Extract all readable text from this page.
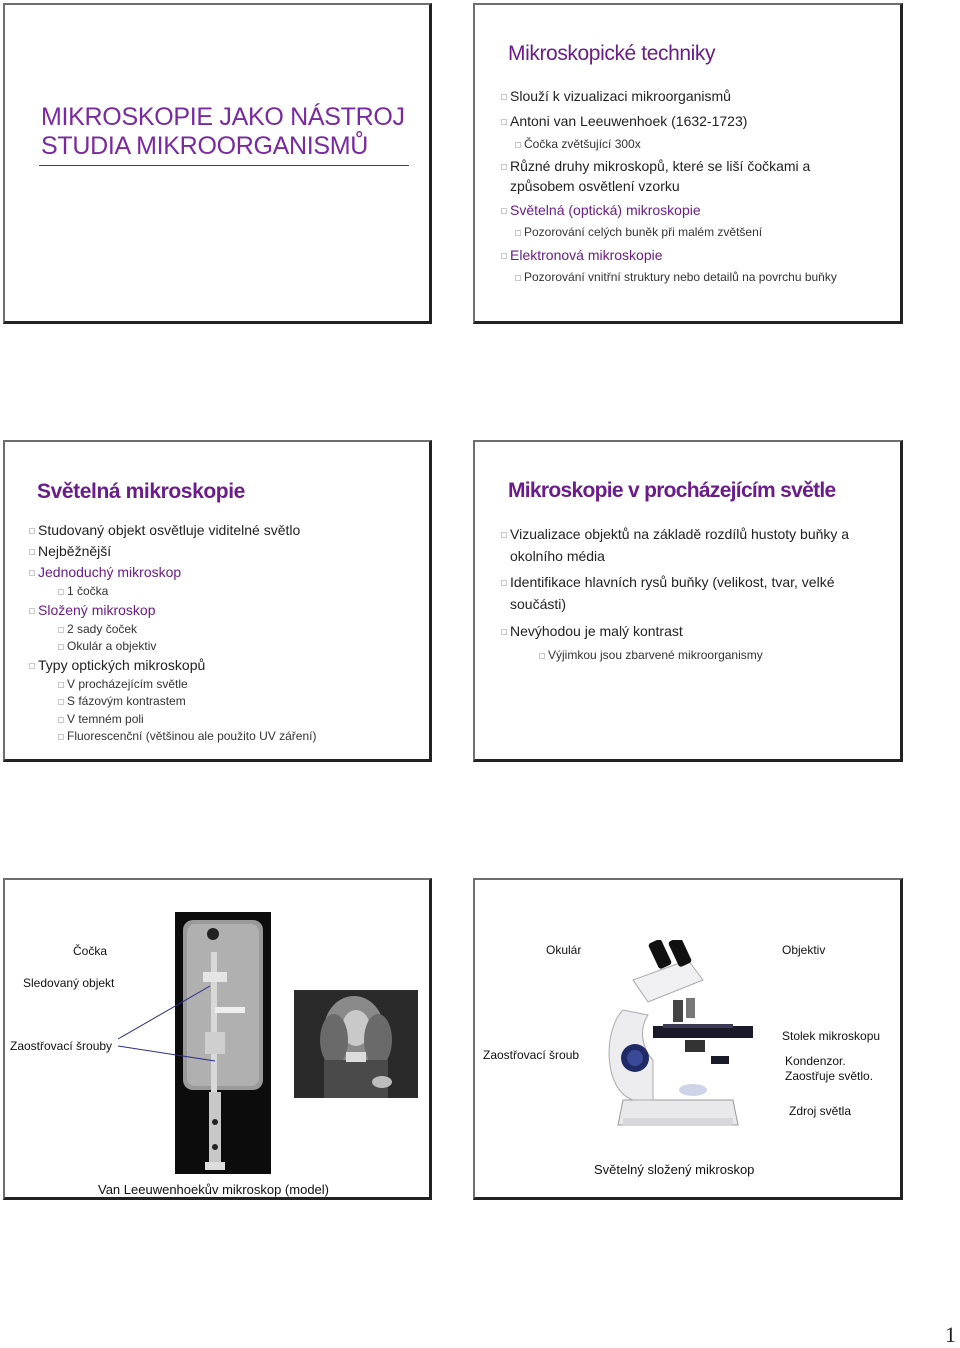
MIKROSKOPIE JAKO NÁSTROJ
STUDIA MIKROORGANISMŮ
Mikroskopické techniky
Slouží k vizualizaci mikroorganismů
Antoni van Leeuwenhoek (1632-1723)
Čočka zvětšující 300x
Různé druhy mikroskopů, které se liší čočkami a
způsobem osvětlení vzorku
Světelná (optická) mikroskopie
Pozorování celých buněk při malém zvětšení
Elektronová mikroskopie
Pozorování vnitřní struktury nebo detailů na povrchu buňky
Světelná mikroskopie
Studovaný objekt osvětluje viditelné světlo
Nejběžnější
Jednoduchý mikroskop
1 čočka
Složený mikroskop
2 sady čoček
Okulár a objektiv
Typy optických mikroskopů
V procházejícím světle
S fázovým kontrastem
V temném poli
Fluorescenční (většinou ale použito UV záření)
Mikroskopie v procházejícím světle
Vizualizace objektů na základě rozdílů hustoty buňky a
okolního média
Identifikace hlavních rysů buňky (velikost, tvar, velké
součásti)
Nevýhodou je malý kontrast
Výjimkou jsou zbarvené mikroorganismy
Čočka
Sledovaný objekt
Zaostřovací šrouby
Van Leeuwenhoekův mikroskop (model)
Okulár	Objektiv
Stolek mikroskopu
Kondenzor.
Zaostřuje světlo.
Zaostřovací šroub
Zdroj světla
Světelný složený mikroskop
1
